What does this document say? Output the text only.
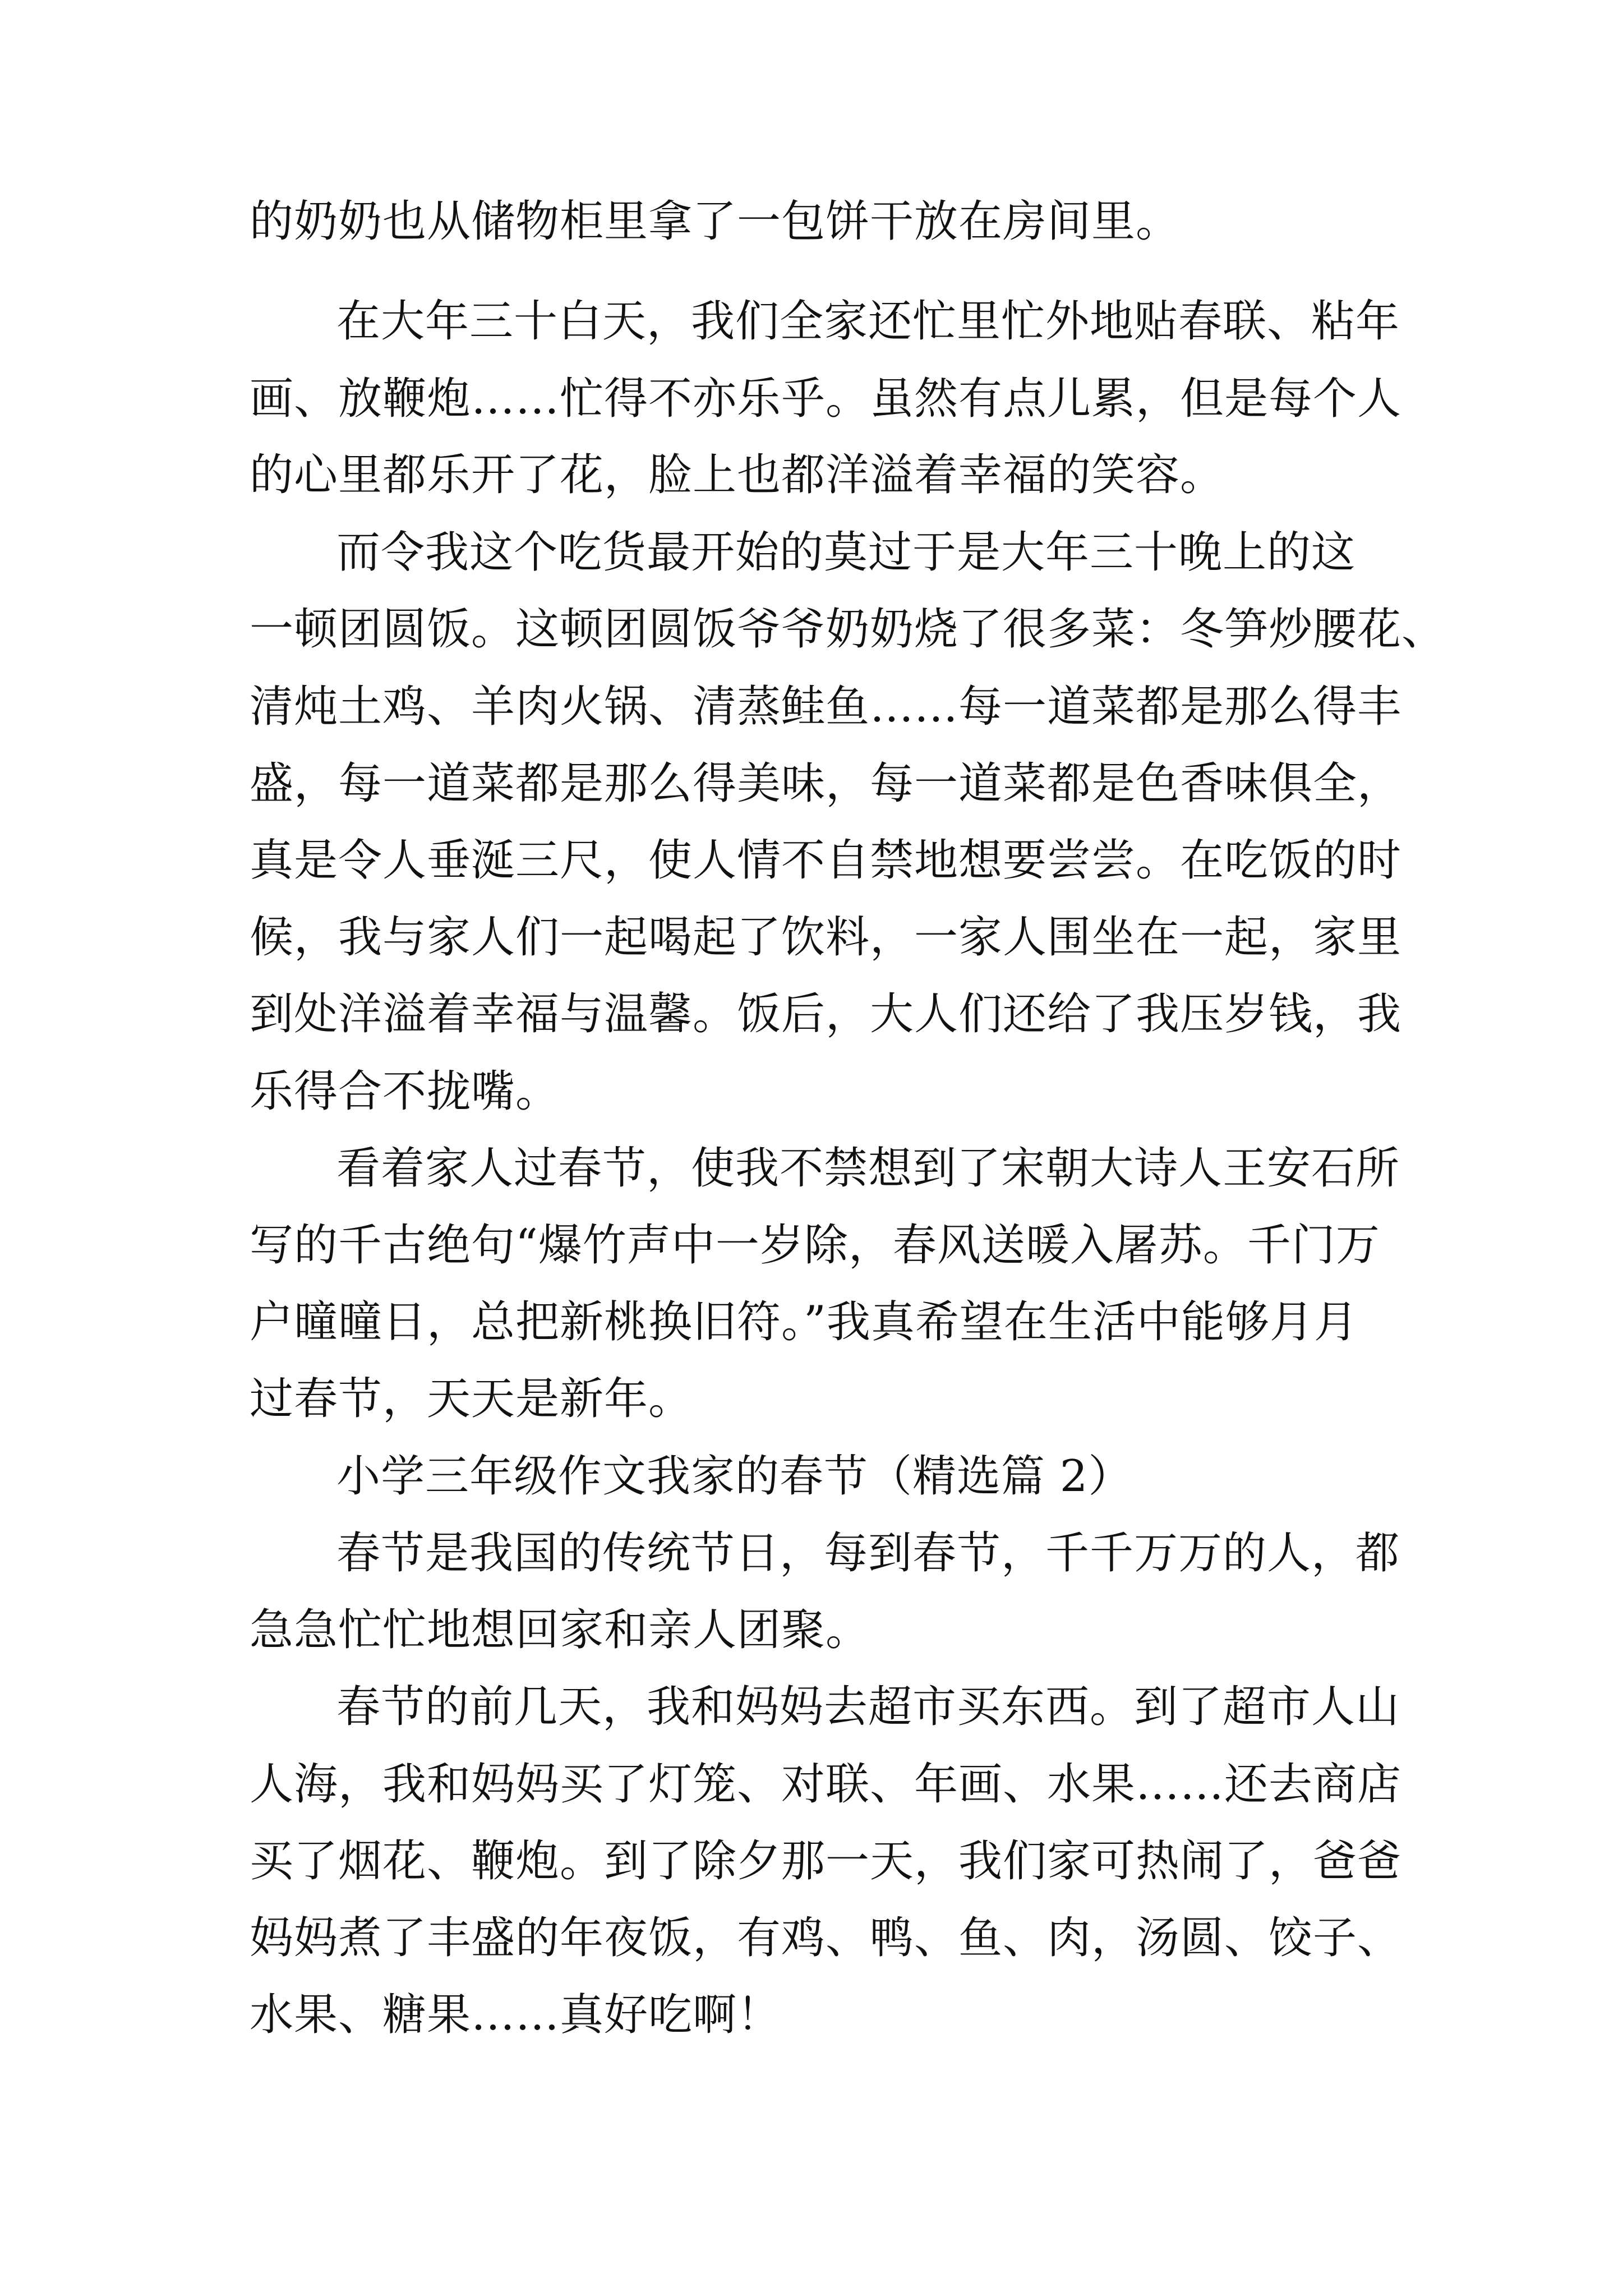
的奶奶也从储物柜里拿了一包饼干放在房间里。
在大年三十白天，我们全家还忙里忙外地贴春联、粘年
画、放鞭炮……忙得不亦乐乎。虽然有点儿累，但是每个人
的心里都乐开了花，脸上也都洋溢着幸福的笑容。
而令我这个吃货最开始的莫过于是大年三十晚上的这
一顿团圆饭。这顿团圆饭爷爷奶奶烧了很多菜：冬笋炒腰花、
清炖土鸡、羊肉火锅、清蒸鲑鱼……每一道菜都是那么得丰
盛，每一道菜都是那么得美味，每一道菜都是色香味俱全，
真是令人垂涎三尺，使人情不自禁地想要尝尝。在吃饭的时
候，我与家人们一起喝起了饮料，一家人围坐在一起，家里
到处洋溢着幸福与温馨。饭后，大人们还给了我压岁钱，我
乐得合不拢嘴。
看着家人过春节，使我不禁想到了宋朝大诗人王安石所
写的千古绝句“爆竹声中一岁除，春风送暖入屠苏。千门万
户曈曈日，总把新桃换旧符。”我真希望在生活中能够月月
过春节，天天是新年。
小学三年级作文我家的春节（精选篇 2）
春节是我国的传统节日，每到春节，千千万万的人，都
急急忙忙地想回家和亲人团聚。
春节的前几天，我和妈妈去超市买东西。到了超市人山
人海，我和妈妈买了灯笼、对联、年画、水果……还去商店
买了烟花、鞭炮。到了除夕那一天，我们家可热闹了，爸爸
妈妈煮了丰盛的年夜饭，有鸡、鸭、鱼、肉，汤圆、饺子、
水果、糖果……真好吃啊！
